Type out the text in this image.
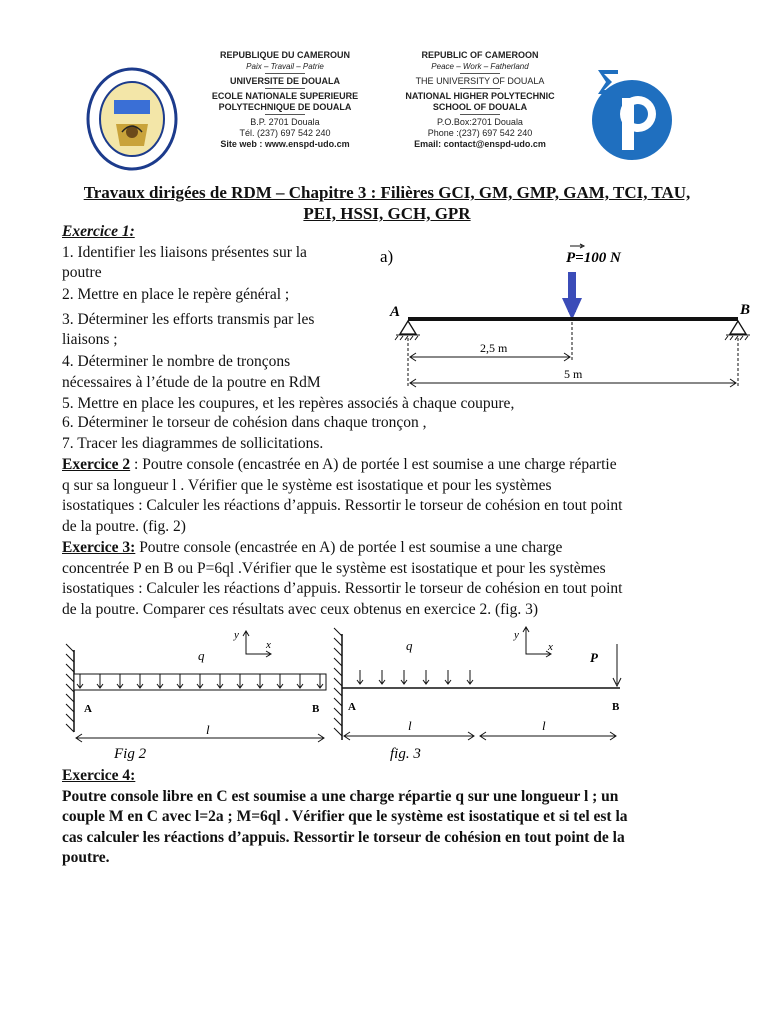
REPUBLIQUE DU CAMEROUN
Paix – Travail – Patrie
UNIVERSITE DE DOUALA
ECOLE NATIONALE SUPERIEURE
POLYTECHNIQUE DE DOUALA
B.P. 2701 Douala
Tél. (237) 697 542 240
Site web : www.enspd-udo.cm
REPUBLIC OF CAMEROON
Peace – Work – Fatherland
THE UNIVERSITY OF DOUALA
NATIONAL HIGHER POLYTECHNIC
SCHOOL OF DOUALA
P.O.Box:2701 Douala
Phone :(237) 697 542 240
Email: contact@enspd-udo.cm
Travaux dirigées de RDM – Chapitre 3 : Filières GCI, GM, GMP, GAM, TCI, TAU,
PEI, HSSI, GCH, GPR
Exercice 1:
1. Identifier les liaisons présentes sur la
poutre
2. Mettre en place le repère général ;
3. Déterminer les efforts transmis par les
liaisons ;
4. Déterminer le nombre de tronçons
nécessaires à l’étude de la poutre en RdM
5. Mettre en place les coupures, et les repères associés à chaque coupure,
6. Déterminer le torseur de cohésion dans chaque tronçon ,
7. Tracer les diagrammes de sollicitations.
a)	P=100 N
A	B
2,5 m
5 m
Exercice 2 : Poutre console (encastrée en A) de portée l est soumise a une charge répartie
q sur sa longueur l . Vérifier que le système est isostatique et pour les systèmes
isostatiques : Calculer les réactions d’appuis. Ressortir le torseur de cohésion en tout point
de la poutre. (fig. 2)
Exercice 3: Poutre console (encastrée en A) de portée l est soumise a une charge
concentrée P en B ou P=6ql .Vérifier que le système est isostatique et pour les systèmes
isostatiques : Calculer les réactions d’appuis. Ressortir le torseur de cohésion en tout point
de la poutre. Comparer ces résultats avec ceux obtenus en exercice 2. (fig. 3)
q
y
x
A	B
l
Fig 2
q
y
x
P
A	B
l	l
fig. 3
Exercice 4:
Poutre console libre en C est soumise a une charge répartie q sur une longueur l ; un
couple M en C avec l=2a ; M=6ql . Vérifier que le système est isostatique et si tel est la
cas calculer les réactions d’appuis. Ressortir le torseur de cohésion en tout point de la
poutre.
